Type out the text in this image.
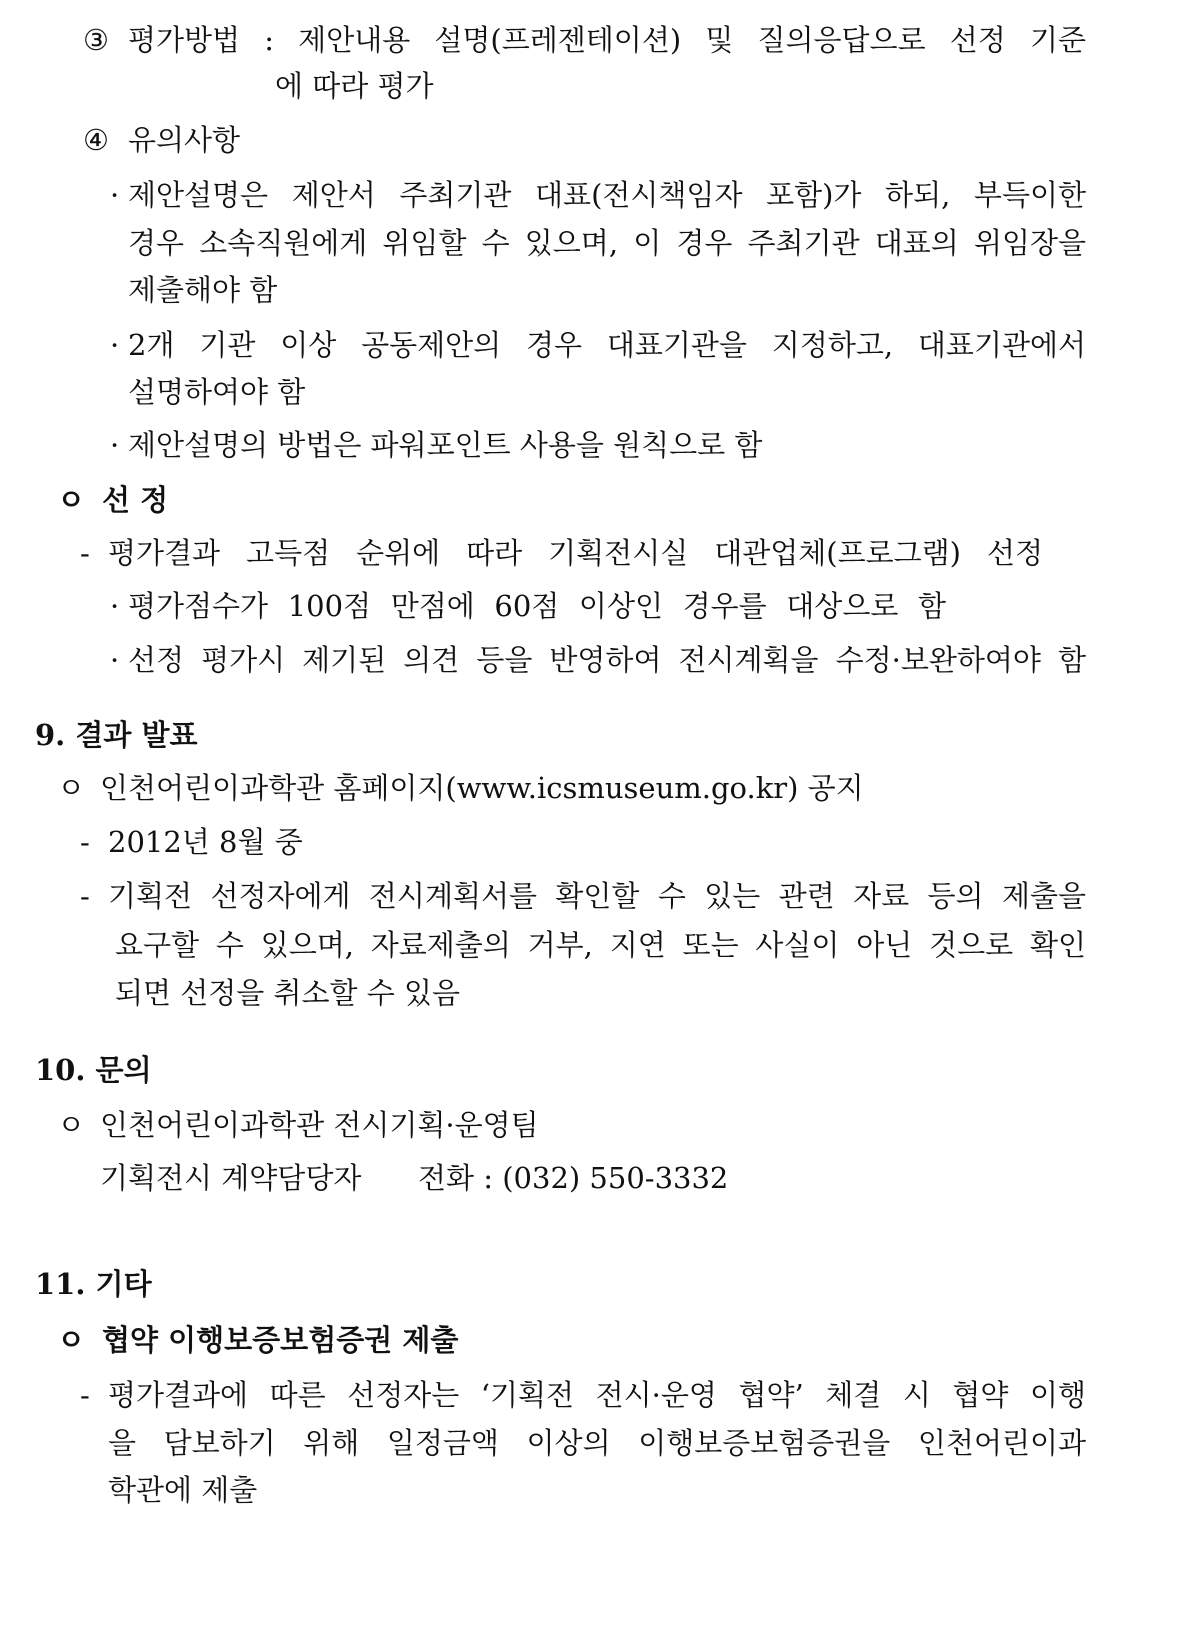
③ 평가방법 : 제안내용 설명(프레젠테이션) 및 질의응답으로 선정 기준
에 따라 평가
④ 유의사항
· 제안설명은 제안서 주최기관 대표(전시책임자 포함)가 하되, 부득이한
경우 소속직원에게 위임할 수 있으며, 이 경우 주최기관 대표의 위임장을
제출해야 함
· 2개 기관 이상 공동제안의 경우 대표기관을 지정하고, 대표기관에서
설명하여야 함
· 제안설명의 방법은 파워포인트 사용을 원칙으로 함
ㅇ 선 정
- 평가결과 고득점 순위에 따라 기획전시실 대관업체(프로그램) 선정
· 평가점수가 100점 만점에 60점 이상인 경우를 대상으로 함
· 선정 평가시 제기된 의견 등을 반영하여 전시계획을 수정·보완하여야 함
9. 결과 발표
ㅇ 인천어린이과학관 홈페이지(www.icsmuseum.go.kr) 공지
- 2012년 8월 중
- 기획전 선정자에게 전시계획서를 확인할 수 있는 관련 자료 등의 제출을
요구할 수 있으며, 자료제출의 거부, 지연 또는 사실이 아닌 것으로 확인
되면 선정을 취소할 수 있음
10. 문의
ㅇ 인천어린이과학관 전시기획·운영팀
기획전시 계약담당자 전화 : (032) 550-3332
11. 기타
ㅇ 협약 이행보증보험증권 제출
- 평가결과에 따른 선정자는 ‘기획전 전시·운영 협약’ 체결 시 협약 이행
을 담보하기 위해 일정금액 이상의 이행보증보험증권을 인천어린이과
학관에 제출
